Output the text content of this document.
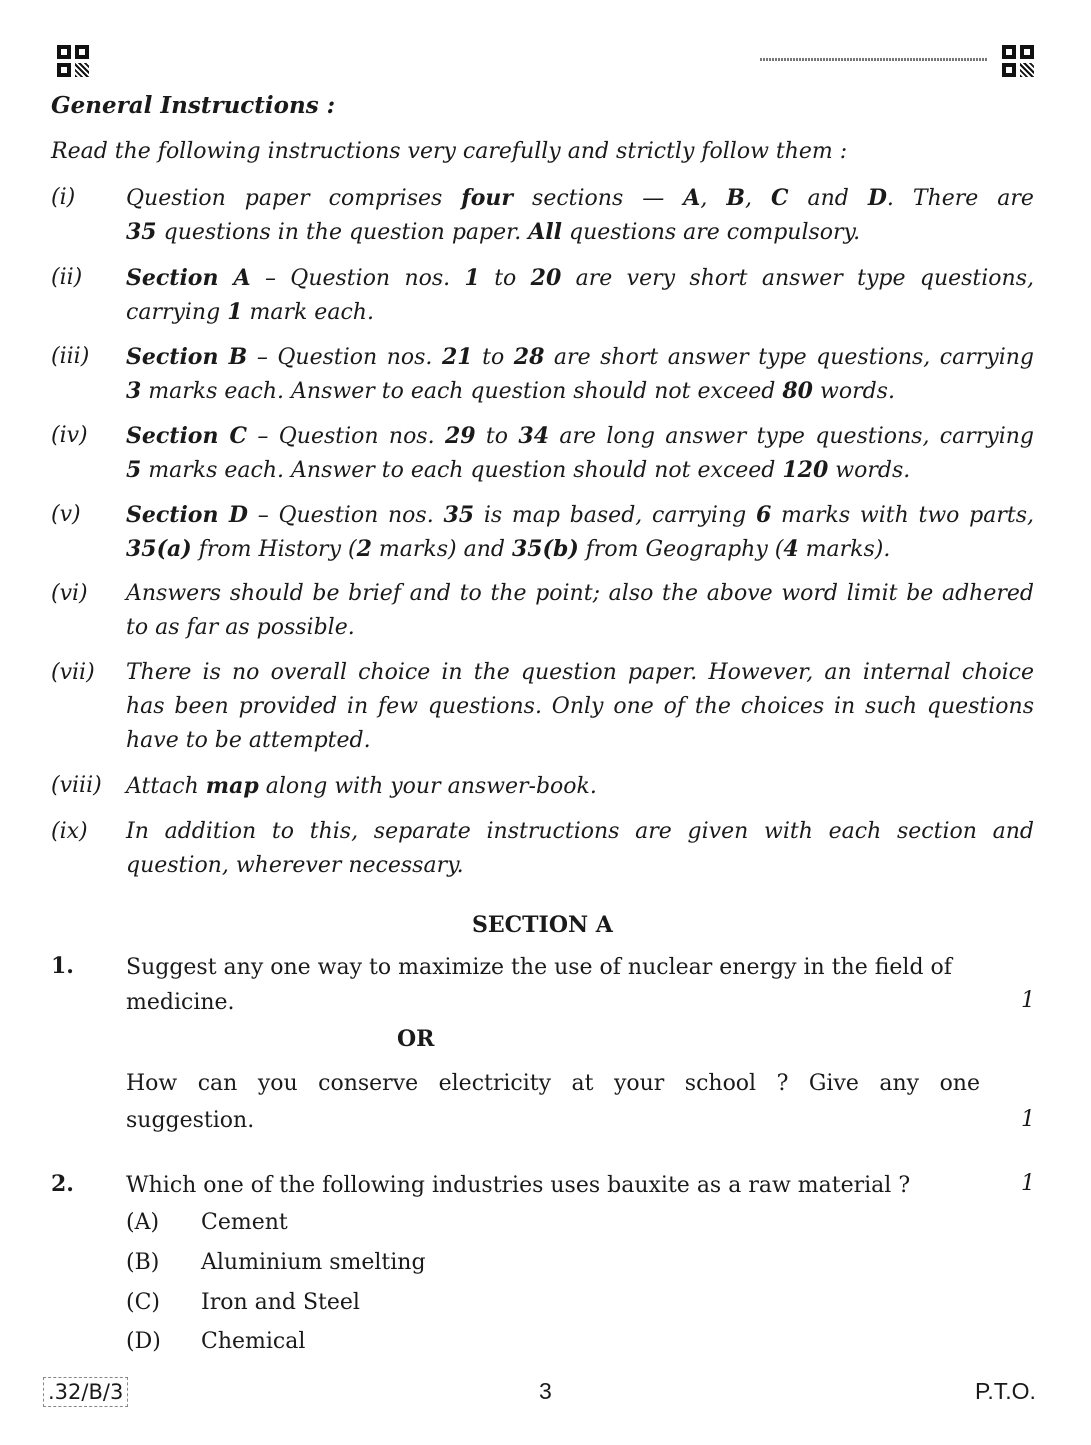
General Instructions :
Read the following instructions very carefully and strictly follow them :
(i) Question paper comprises four sections — A, B, C and D. There are
35 questions in the question paper. All questions are compulsory.
(ii) Section A – Question nos. 1 to 20 are very short answer type questions,
carrying 1 mark each.
(iii) Section B – Question nos. 21 to 28 are short answer type questions, carrying
3 marks each. Answer to each question should not exceed 80 words.
(iv) Section C – Question nos. 29 to 34 are long answer type questions, carrying
5 marks each. Answer to each question should not exceed 120 words.
(v) Section D – Question nos. 35 is map based, carrying 6 marks with two parts,
35(a) from History (2 marks) and 35(b) from Geography (4 marks).
(vi) Answers should be brief and to the point; also the above word limit be adhered
to as far as possible.
(vii) There is no overall choice in the question paper. However, an internal choice
has been provided in few questions. Only one of the choices in such questions
have to be attempted.
(viii) Attach map along with your answer-book.
(ix) In addition to this, separate instructions are given with each section and
question, wherever necessary.
SECTION A
1. Suggest any one way to maximize the use of nuclear energy in the field of
medicine.	1
OR
How can you conserve electricity at your school ? Give any one
suggestion.	1
2. Which one of the following industries uses bauxite as a raw material ?	1
(A) Cement
(B) Aluminium smelting
(C) Iron and Steel
(D) Chemical
.32/B/3	3	P.T.O.
